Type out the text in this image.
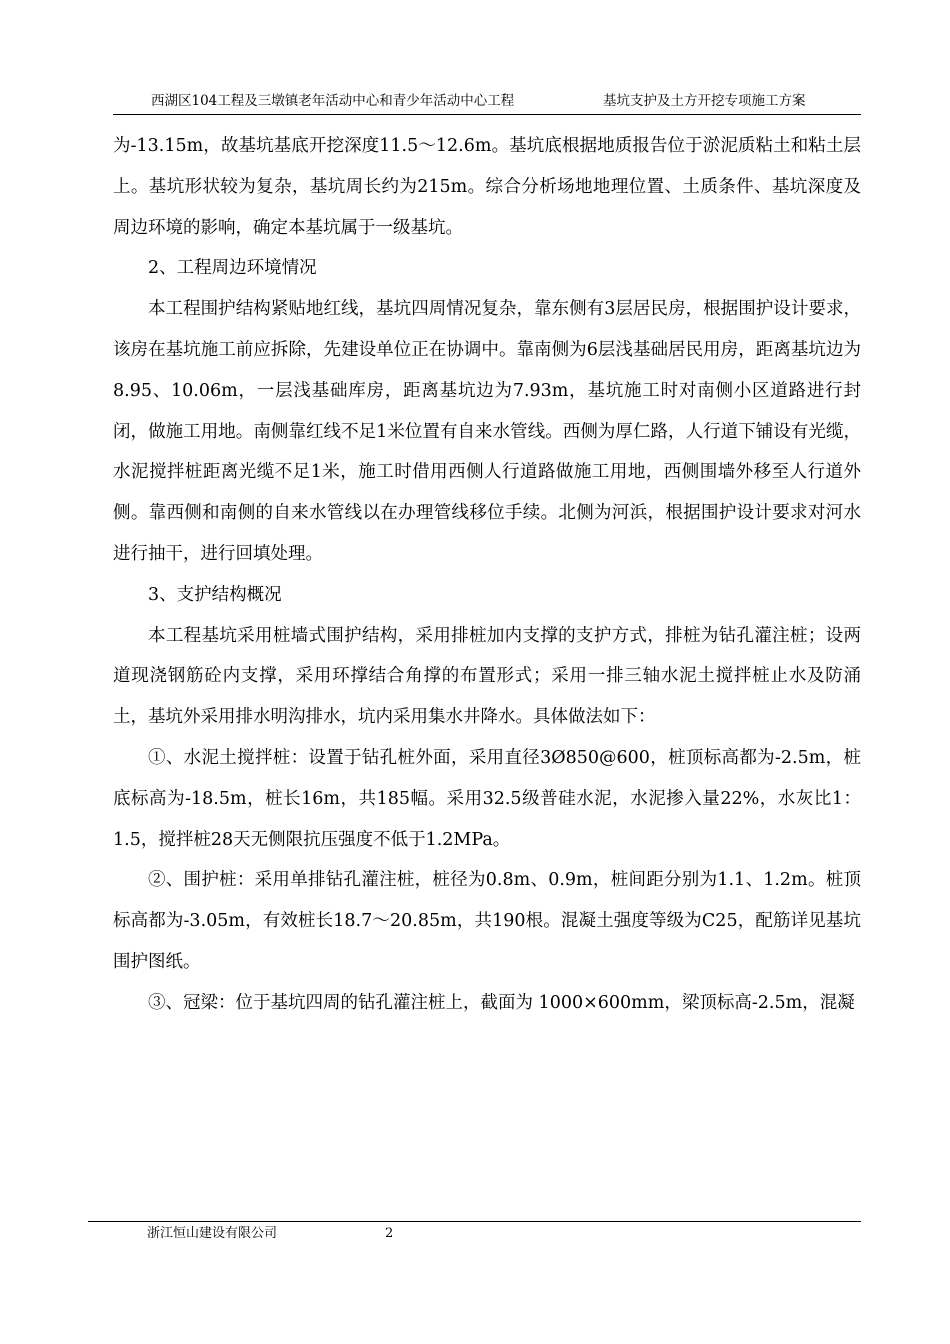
西湖区104工程及三墩镇老年活动中心和青少年活动中心工程	基坑支护及土方开挖专项施工方案

为-13.15m，故基坑基底开挖深度11.5～12.6m。基坑底根据地质报告位于淤泥质粘土和粘土层上。基坑形状较为复杂，基坑周长约为215m。综合分析场地地理位置、土质条件、基坑深度及周边环境的影响，确定本基坑属于一级基坑。

2、工程周边环境情况

本工程围护结构紧贴地红线，基坑四周情况复杂，靠东侧有3层居民房，根据围护设计要求，该房在基坑施工前应拆除，先建设单位正在协调中。靠南侧为6层浅基础居民用房，距离基坑边为8.95、10.06m，一层浅基础库房，距离基坑边为7.93m，基坑施工时对南侧小区道路进行封闭，做施工用地。南侧靠红线不足1米位置有自来水管线。西侧为厚仁路，人行道下铺设有光缆，水泥搅拌桩距离光缆不足1米，施工时借用西侧人行道路做施工用地，西侧围墙外移至人行道外侧。靠西侧和南侧的自来水管线以在办理管线移位手续。北侧为河浜，根据围护设计要求对河水进行抽干，进行回填处理。

3、支护结构概况

本工程基坑采用桩墙式围护结构，采用排桩加内支撑的支护方式，排桩为钻孔灌注桩；设两道现浇钢筋砼内支撑，采用环撑结合角撑的布置形式；采用一排三轴水泥土搅拌桩止水及防涌土，基坑外采用排水明沟排水，坑内采用集水井降水。具体做法如下：

①、水泥土搅拌桩：设置于钻孔桩外面，采用直径3Ø850@600，桩顶标高都为-2.5m，桩底标高为-18.5m，桩长16m，共185幅。采用32.5级普硅水泥，水泥掺入量22%，水灰比1：1.5，搅拌桩28天无侧限抗压强度不低于1.2MPa。

②、围护桩：采用单排钻孔灌注桩，桩径为0.8m、0.9m，桩间距分别为1.1、1.2m。桩顶标高都为-3.05m，有效桩长18.7～20.85m，共190根。混凝土强度等级为C25，配筋详见基坑围护图纸。

③、冠梁：位于基坑四周的钻孔灌注桩上，截面为 1000×600mm，梁顶标高-2.5m，混凝

浙江恒山建设有限公司	2
